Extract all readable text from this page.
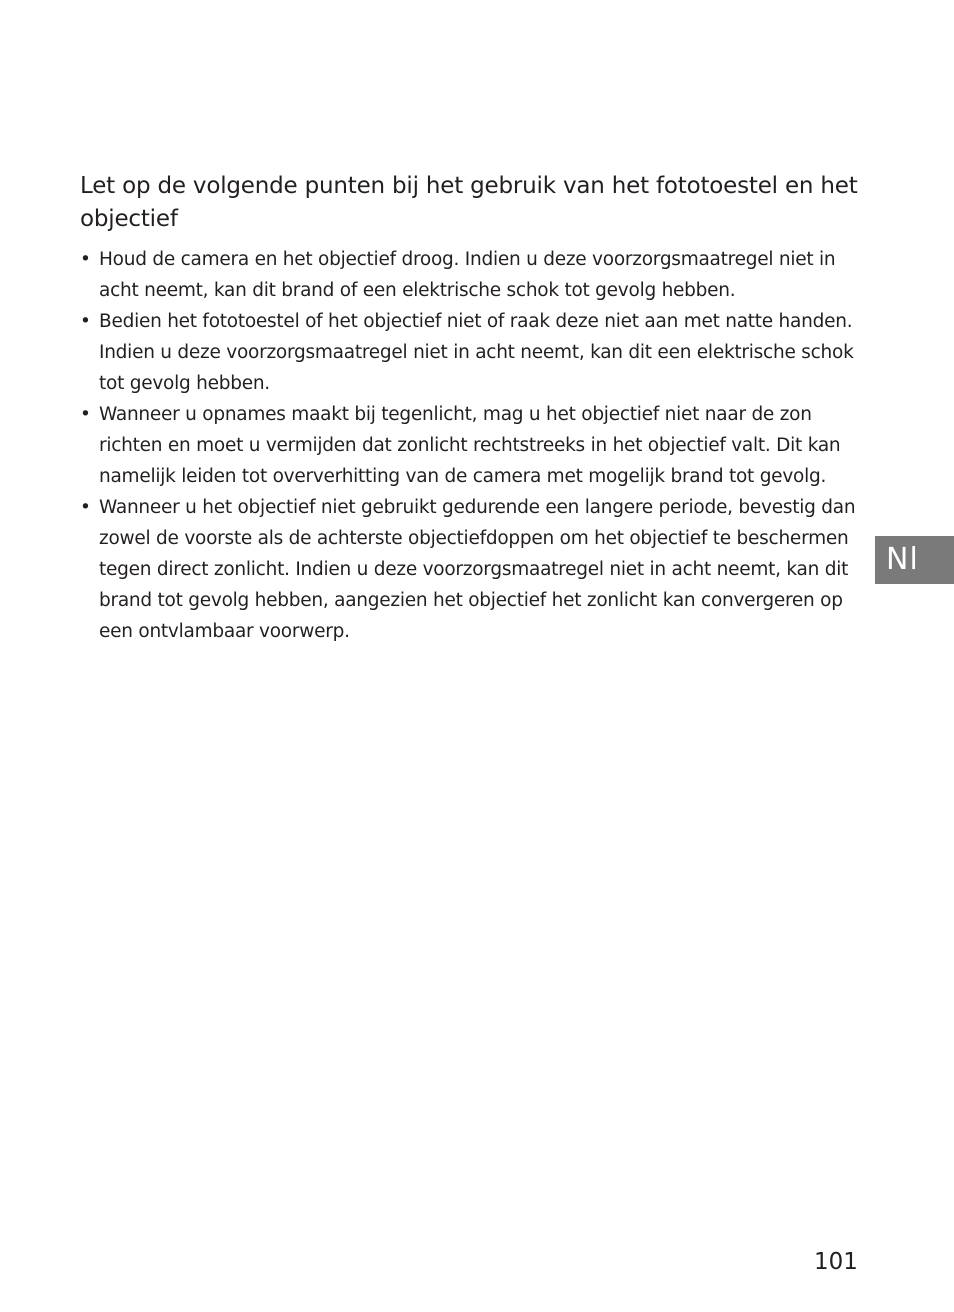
Let op de volgende punten bij het gebruik van het fototoestel en het objectief
• Houd de camera en het objectief droog. Indien u deze voorzorgsmaatregel niet in acht neemt, kan dit brand of een elektrische schok tot gevolg hebben.
• Bedien het fototoestel of het objectief niet of raak deze niet aan met natte handen. Indien u deze voorzorgsmaatregel niet in acht neemt, kan dit een elektrische schok tot gevolg hebben.
• Wanneer u opnames maakt bij tegenlicht, mag u het objectief niet naar de zon richten en moet u vermijden dat zonlicht rechtstreeks in het objectief valt. Dit kan namelijk leiden tot oververhitting van de camera met mogelijk brand tot gevolg.
• Wanneer u het objectief niet gebruikt gedurende een langere periode, bevestig dan zowel de voorste als de achterste objectiefdoppen om het objectief te beschermen tegen direct zonlicht. Indien u deze voorzorgsmaatregel niet in acht neemt, kan dit brand tot gevolg hebben, aangezien het objectief het zonlicht kan convergeren op een ontvlambaar voorwerp.
Nl
101
